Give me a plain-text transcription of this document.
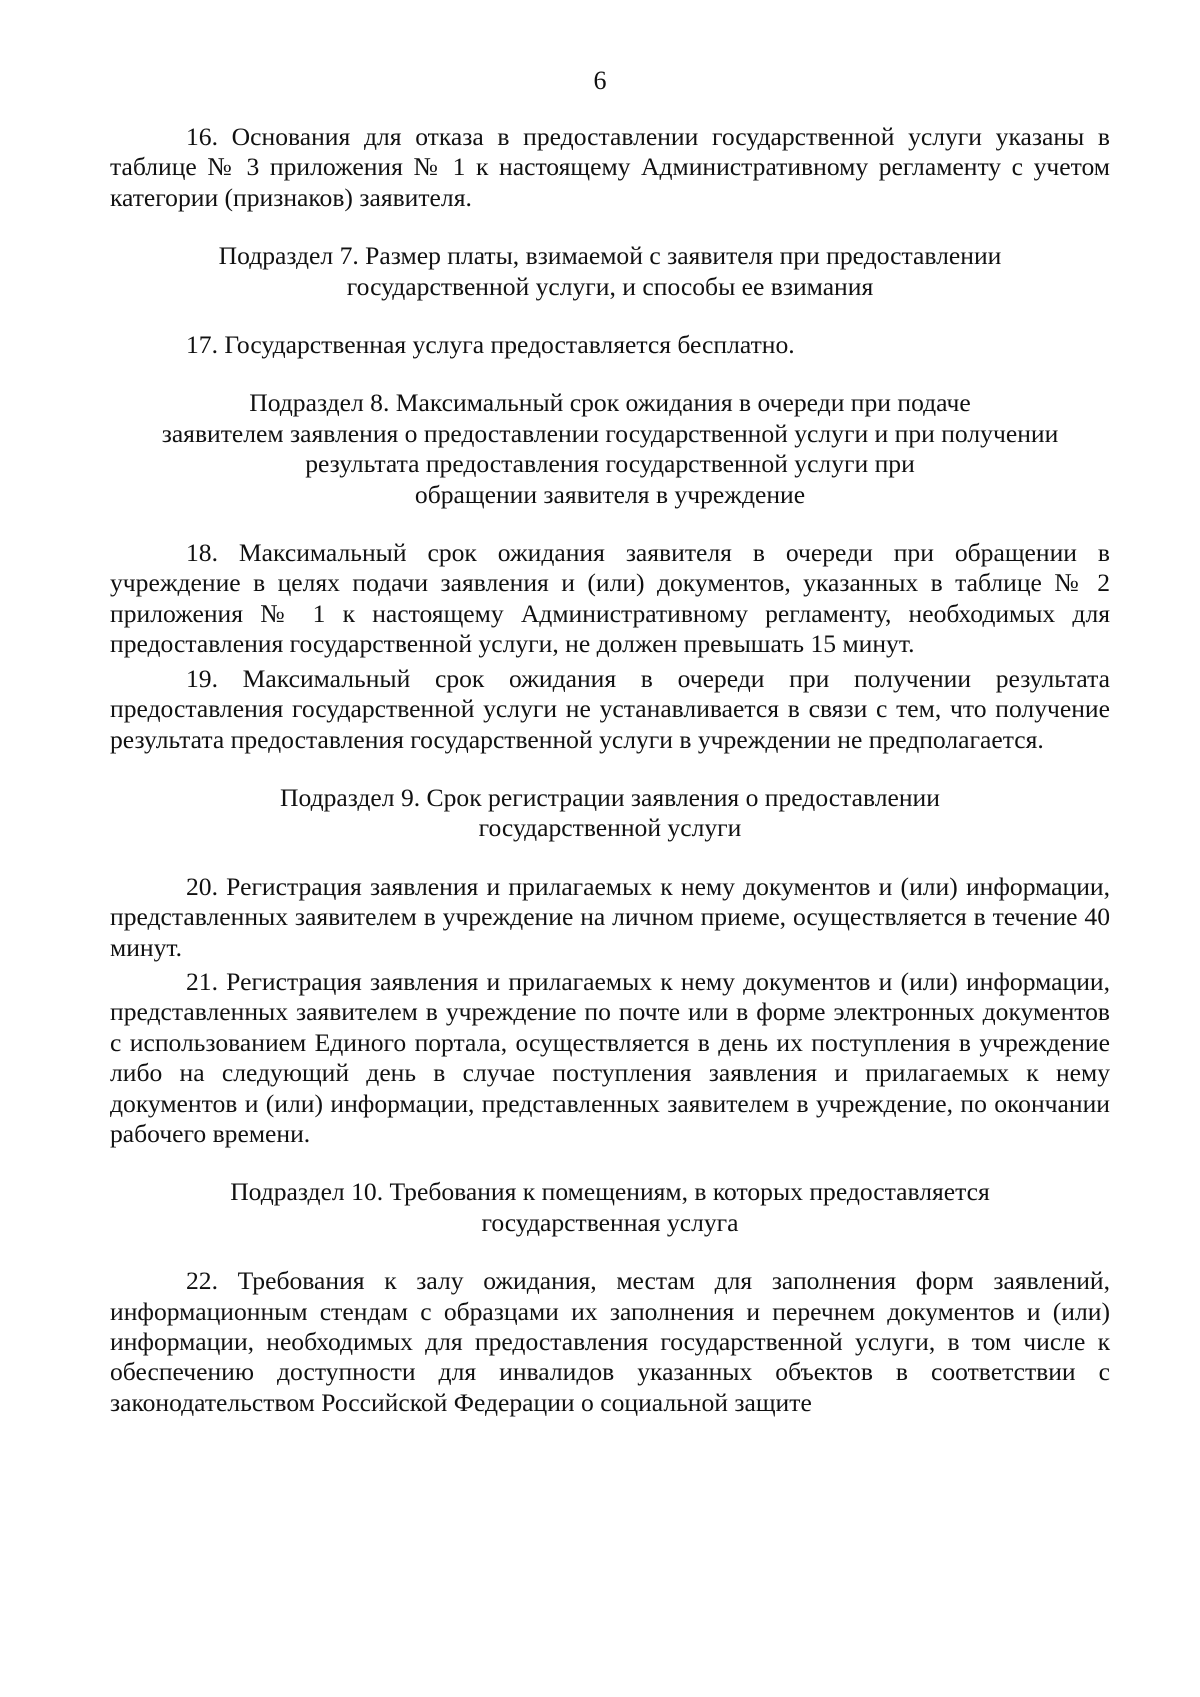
6

16. Основания для отказа в предоставлении государственной услуги указаны в таблице № 3 приложения № 1 к настоящему Административному регламенту с учетом категории (признаков) заявителя.

Подраздел 7. Размер платы, взимаемой с заявителя при предоставлении
государственной услуги, и способы ее взимания

17. Государственная услуга предоставляется бесплатно.

Подраздел 8. Максимальный срок ожидания в очереди при подаче
заявителем заявления о предоставлении государственной услуги и при получении
результата предоставления государственной услуги при
обращении заявителя в учреждение

18. Максимальный срок ожидания заявителя в очереди при обращении в учреждение в целях подачи заявления и (или) документов, указанных в таблице № 2 приложения № 1 к настоящему Административному регламенту, необходимых для предоставления государственной услуги, не должен превышать 15 минут.

19. Максимальный срок ожидания в очереди при получении результата предоставления государственной услуги не устанавливается в связи с тем, что получение результата предоставления государственной услуги в учреждении не предполагается.

Подраздел 9. Срок регистрации заявления о предоставлении
государственной услуги

20. Регистрация заявления и прилагаемых к нему документов и (или) информации, представленных заявителем в учреждение на личном приеме, осуществляется в течение 40 минут.

21. Регистрация заявления и прилагаемых к нему документов и (или) информации, представленных заявителем в учреждение по почте или в форме электронных документов с использованием Единого портала, осуществляется в день их поступления в учреждение либо на следующий день в случае поступления заявления и прилагаемых к нему документов и (или) информации, представленных заявителем в учреждение, по окончании рабочего времени.

Подраздел 10. Требования к помещениям, в которых предоставляется
государственная услуга

22. Требования к залу ожидания, местам для заполнения форм заявлений, информационным стендам с образцами их заполнения и перечнем документов и (или) информации, необходимых для предоставления государственной услуги, в том числе к обеспечению доступности для инвалидов указанных объектов в соответствии с законодательством Российской Федерации о социальной защите
